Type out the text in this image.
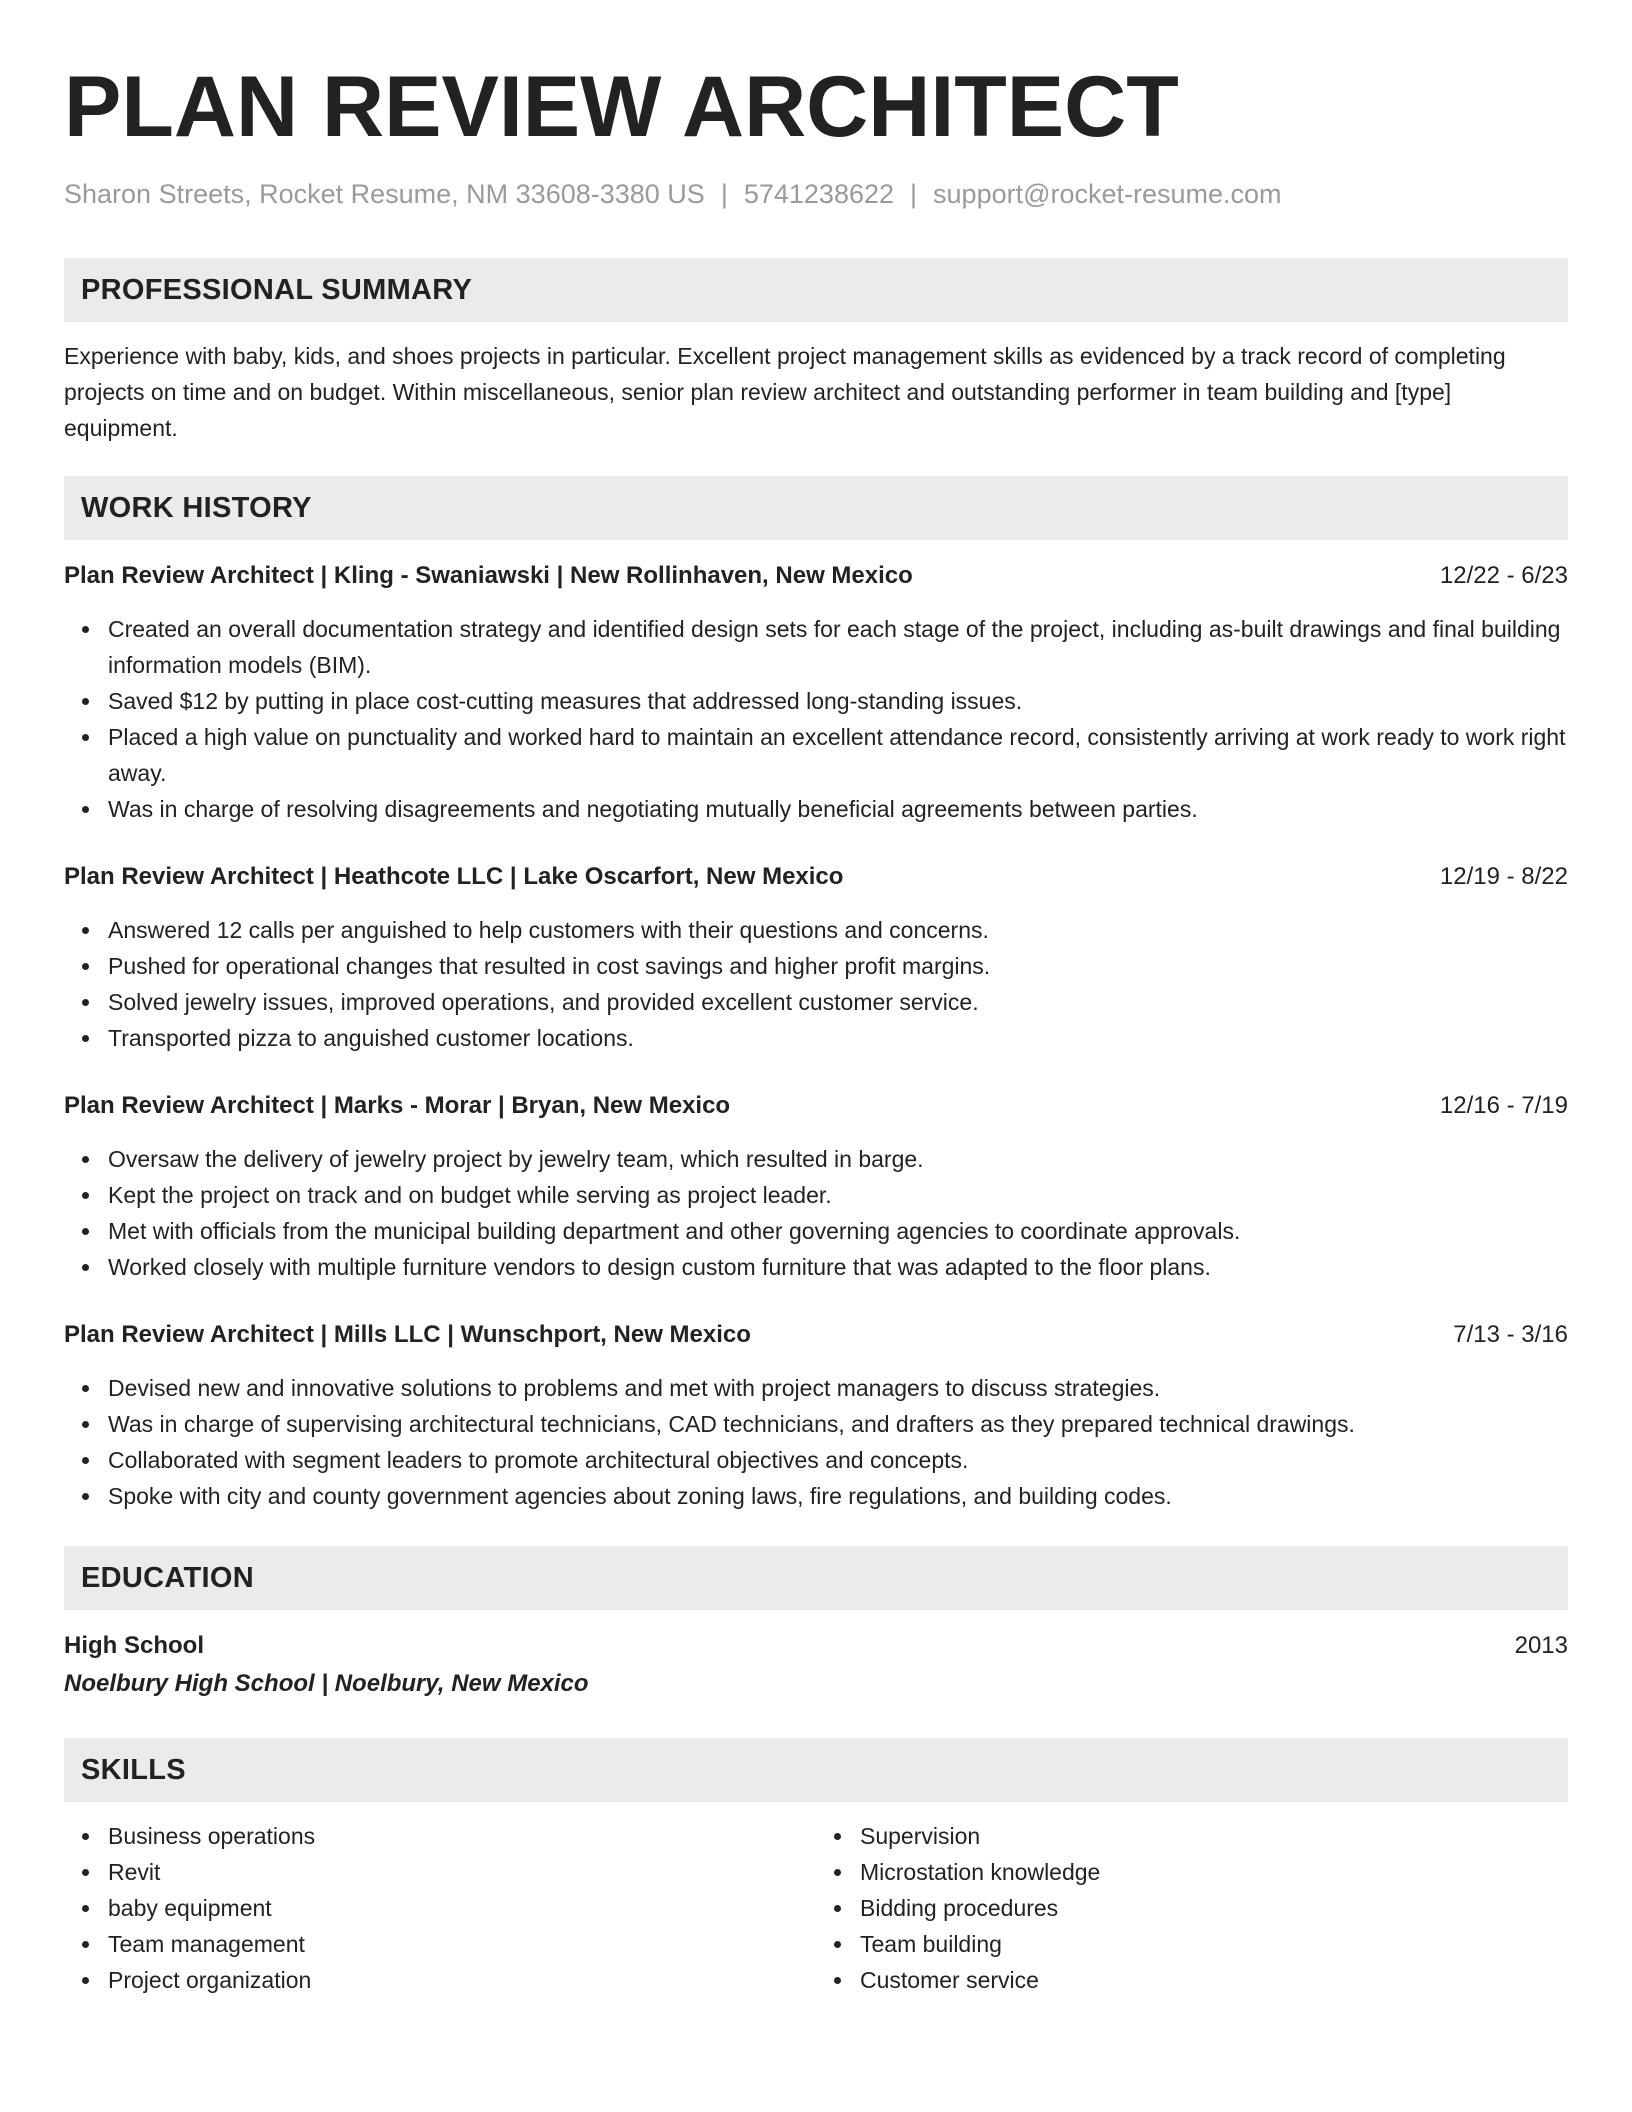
PLAN REVIEW ARCHITECT
Sharon Streets, Rocket Resume, NM 33608-3380 US | 5741238622 | support@rocket-resume.com
PROFESSIONAL SUMMARY

Experience with baby, kids, and shoes projects in particular. Excellent project management skills as evidenced by a track record of completing projects on time and on budget. Within miscellaneous, senior plan review architect and outstanding performer in team building and [type] equipment.

WORK HISTORY
Plan Review Architect | Kling - Swaniawski | New Rollinhaven, New Mexico	12/22 - 6/23
Created an overall documentation strategy and identified design sets for each stage of the project, including as-built drawings and final building information models (BIM).
Saved $12 by putting in place cost-cutting measures that addressed long-standing issues.
Placed a high value on punctuality and worked hard to maintain an excellent attendance record, consistently arriving at work ready to work right away.
Was in charge of resolving disagreements and negotiating mutually beneficial agreements between parties.
Plan Review Architect | Heathcote LLC | Lake Oscarfort, New Mexico	12/19 - 8/22
Answered 12 calls per anguished to help customers with their questions and concerns.
Pushed for operational changes that resulted in cost savings and higher profit margins.
Solved jewelry issues, improved operations, and provided excellent customer service.
Transported pizza to anguished customer locations.
Plan Review Architect | Marks - Morar | Bryan, New Mexico	12/16 - 7/19
Oversaw the delivery of jewelry project by jewelry team, which resulted in barge.
Kept the project on track and on budget while serving as project leader.
Met with officials from the municipal building department and other governing agencies to coordinate approvals.
Worked closely with multiple furniture vendors to design custom furniture that was adapted to the floor plans.
Plan Review Architect | Mills LLC | Wunschport, New Mexico	7/13 - 3/16
Devised new and innovative solutions to problems and met with project managers to discuss strategies.
Was in charge of supervising architectural technicians, CAD technicians, and drafters as they prepared technical drawings.
Collaborated with segment leaders to promote architectural objectives and concepts.
Spoke with city and county government agencies about zoning laws, fire regulations, and building codes.
EDUCATION
High School	2013
Noelbury High School | Noelbury, New Mexico
SKILLS
Business operations
Revit
baby equipment
Team management
Project organization
Supervision
Microstation knowledge
Bidding procedures
Team building
Customer service
